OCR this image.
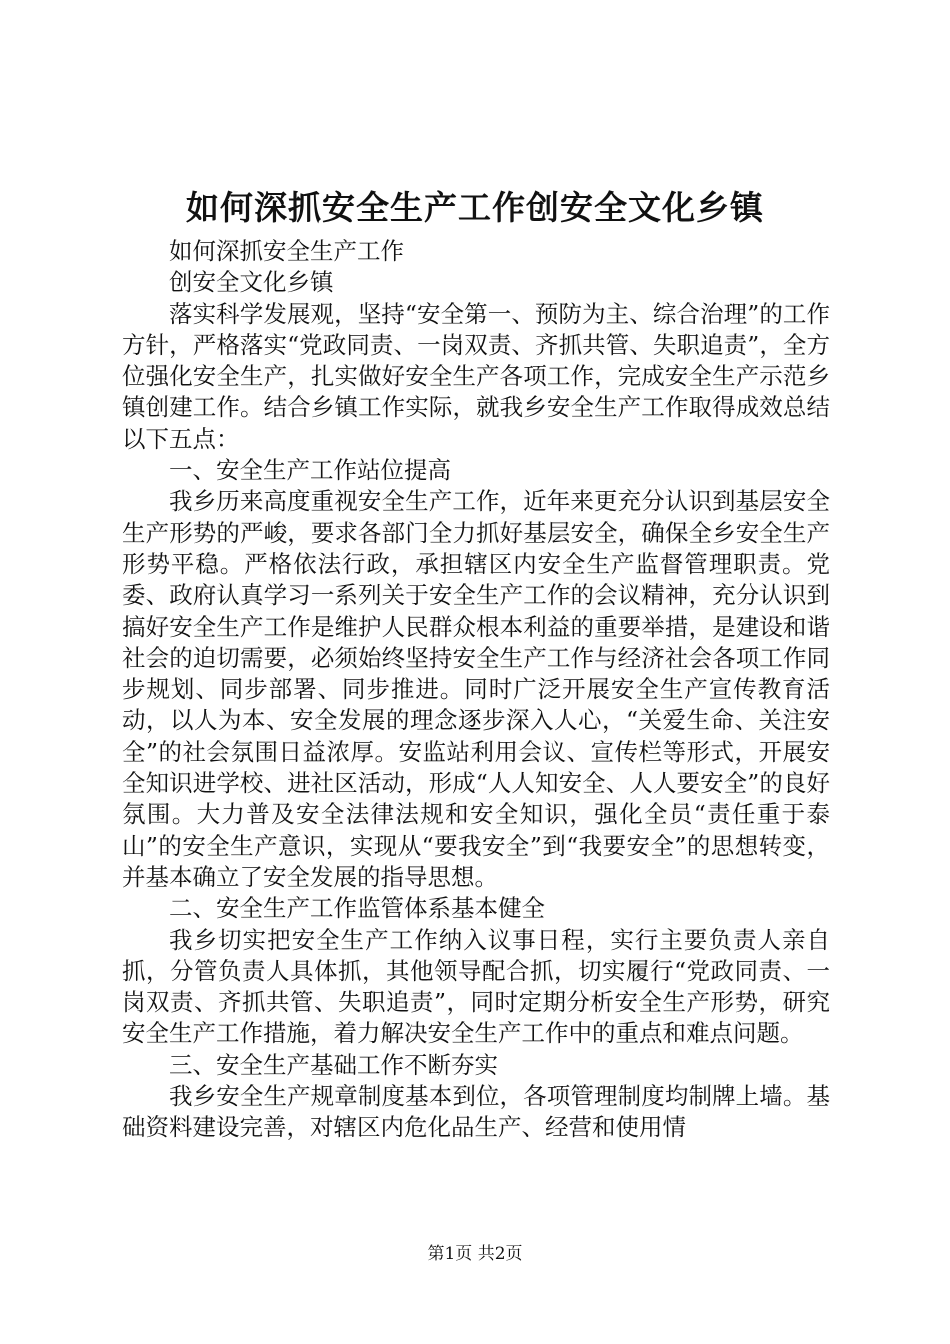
如何深抓安全生产工作创安全文化乡镇

如何深抓安全生产工作

创安全文化乡镇

落实科学发展观，坚持“安全第一、预防为主、综合治理”的工作方针，严格落实“党政同责、一岗双责、齐抓共管、失职追责”，全方位强化安全生产，扎实做好安全生产各项工作，完成安全生产示范乡镇创建工作。结合乡镇工作实际，就我乡安全生产工作取得成效总结以下五点：

一、安全生产工作站位提高

我乡历来高度重视安全生产工作，近年来更充分认识到基层安全生产形势的严峻，要求各部门全力抓好基层安全，确保全乡安全生产形势平稳。严格依法行政，承担辖区内安全生产监督管理职责。党委、政府认真学习一系列关于安全生产工作的会议精神，充分认识到搞好安全生产工作是维护人民群众根本利益的重要举措，是建设和谐社会的迫切需要，必须始终坚持安全生产工作与经济社会各项工作同步规划、同步部署、同步推进。同时广泛开展安全生产宣传教育活动，以人为本、安全发展的理念逐步深入人心，“关爱生命、关注安全”的社会氛围日益浓厚。安监站利用会议、宣传栏等形式，开展安全知识进学校、进社区活动，形成“人人知安全、人人要安全”的良好氛围。大力普及安全法律法规和安全知识，强化全员“责任重于泰山”的安全生产意识，实现从“要我安全”到“我要安全”的思想转变，并基本确立了安全发展的指导思想。

二、安全生产工作监管体系基本健全

我乡切实把安全生产工作纳入议事日程，实行主要负责人亲自抓，分管负责人具体抓，其他领导配合抓，切实履行“党政同责、一岗双责、齐抓共管、失职追责”，同时定期分析安全生产形势，研究安全生产工作措施，着力解决安全生产工作中的重点和难点问题。

三、安全生产基础工作不断夯实

我乡安全生产规章制度基本到位，各项管理制度均制牌上墙。基础资料建设完善，对辖区内危化品生产、经营和使用情

第1页 共2页
